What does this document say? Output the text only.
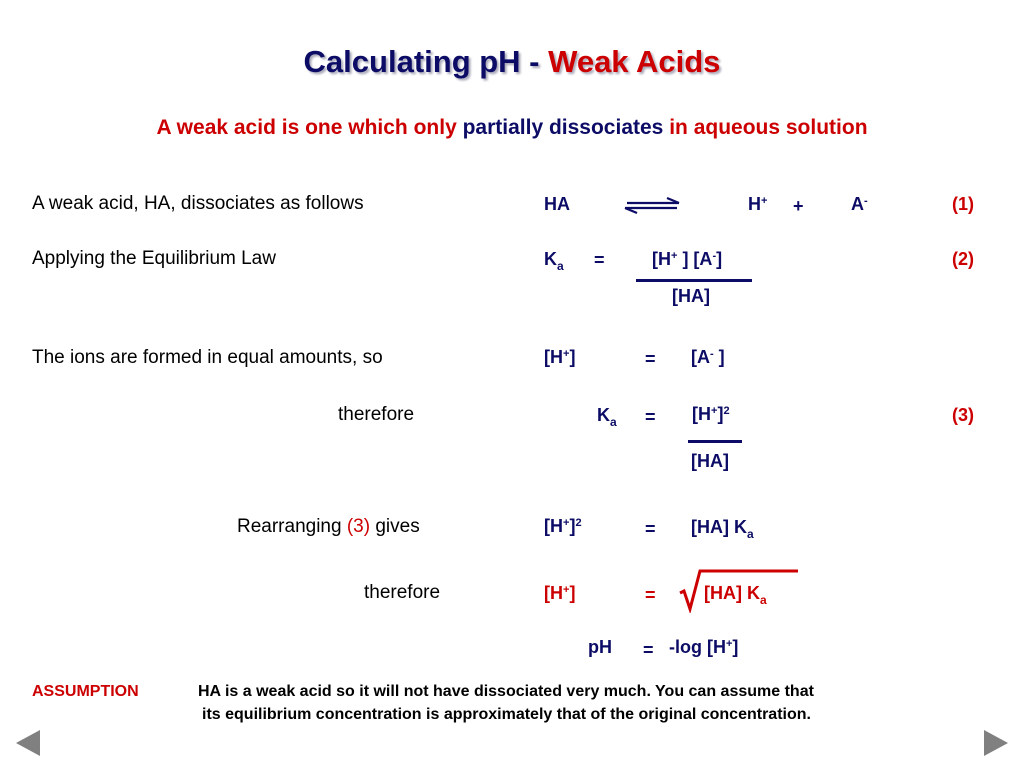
Calculating pH - Weak Acids
A weak acid is one which only partially dissociates in aqueous solution
A weak acid, HA, dissociates as follows	HA	H+ +	A-	(1)
Applying the Equilibrium Law	$K_a$ =	[H+ ] [A-]
[HA]
(2)
The ions are formed in equal amounts, so	[H+]	= [A- ]
therefore	$K_a = [H^+]^2$
[HA]
(3)
Rearranging (3) gives	$[H^+]^2$	= [HA] $K_a$
therefore	[H+]	=	[HA] $K_a$
pH = -log [H+]
ASSUMPTION	HA is a weak acid so it will not have dissociated very much. You can assume that
its equilibrium concentration is approximately that of the original concentration.
